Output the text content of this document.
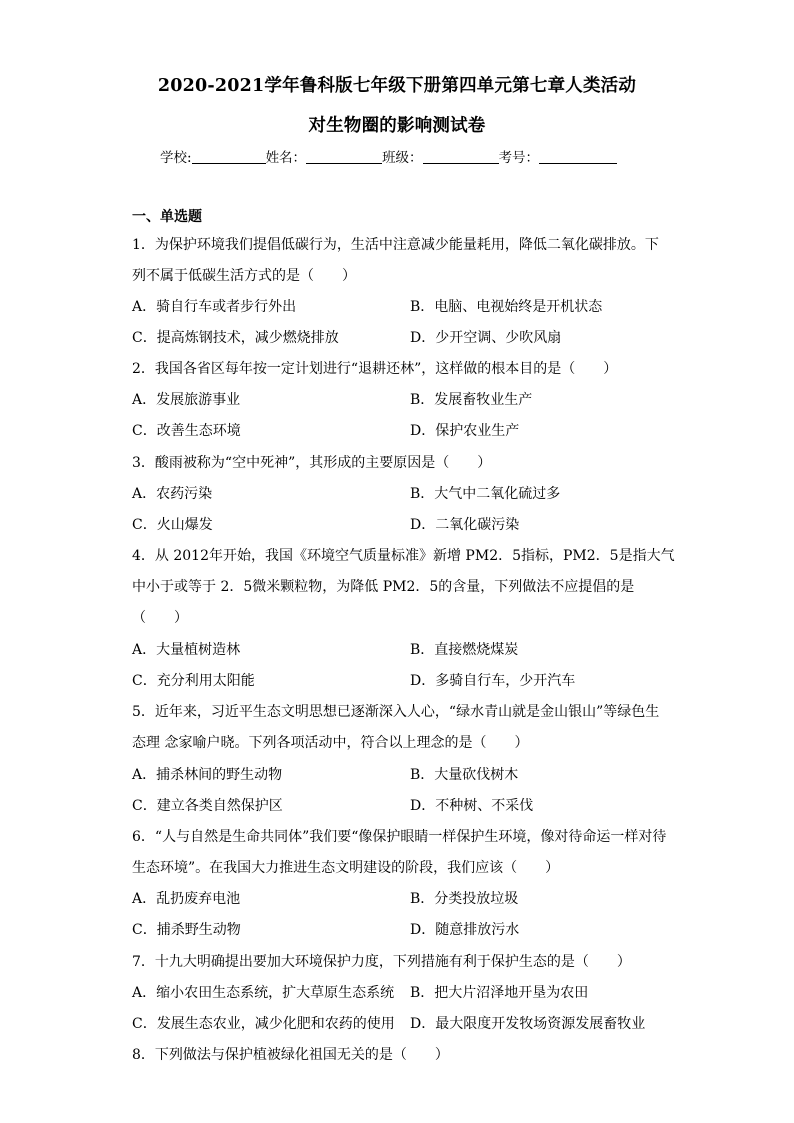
2020-2021学年鲁科版七年级下册第四单元第七章人类活动
对生物圈的影响测试卷
学校:	姓名：	班级：	考号：
一、单选题
1．为保护环境我们提倡低碳行为，生活中注意减少能量耗用，降低二氧化碳排放。下
列不属于低碳生活方式的是（　　）
A．骑自行车或者步行外出	B．电脑、电视始终是开机状态
C．提高炼钢技术，减少燃烧排放	D．少开空调、少吹风扇
2．我国各省区每年按一定计划进行“退耕还林”，这样做的根本目的是（　　）
A．发展旅游事业	B．发展畜牧业生产
C．改善生态环境	D．保护农业生产
3．酸雨被称为“空中死神”，其形成的主要原因是（　　）
A．农药污染	B．大气中二氧化硫过多
C．火山爆发	D．二氧化碳污染
4．从 2012年开始，我国《环境空气质量标准》新增 PM2．5指标，PM2．5是指大气
中小于或等于 2．5微米颗粒物，为降低 PM2．5的含量，下列做法不应提倡的是
（　　）
A．大量植树造林	B．直接燃烧煤炭
C．充分利用太阳能	D．多骑自行车，少开汽车
5．近年来，习近平生态文明思想已逐渐深入人心，“绿水青山就是金山银山”等绿色生
态理 念家喻户晓。下列各项活动中，符合以上理念的是（　　）
A．捕杀林间的野生动物	B．大量砍伐树木
C．建立各类自然保护区	D．不种树、不采伐
6．“人与自然是生命共同体”我们要“像保护眼睛一样保护生环境，像对待命运一样对待
生态环境”。在我国大力推进生态文明建设的阶段，我们应该（　　）
A．乱扔废弃电池	B．分类投放垃圾
C．捕杀野生动物	D．随意排放污水
7．十九大明确提出要加大环境保护力度，下列措施有利于保护生态的是（　　）
A．缩小农田生态系统，扩大草原生态系统 B．把大片沼泽地开垦为农田
C．发展生态农业，减少化肥和农药的使用 D．最大限度开发牧场资源发展畜牧业
8．下列做法与保护植被绿化祖国无关的是（　　）
